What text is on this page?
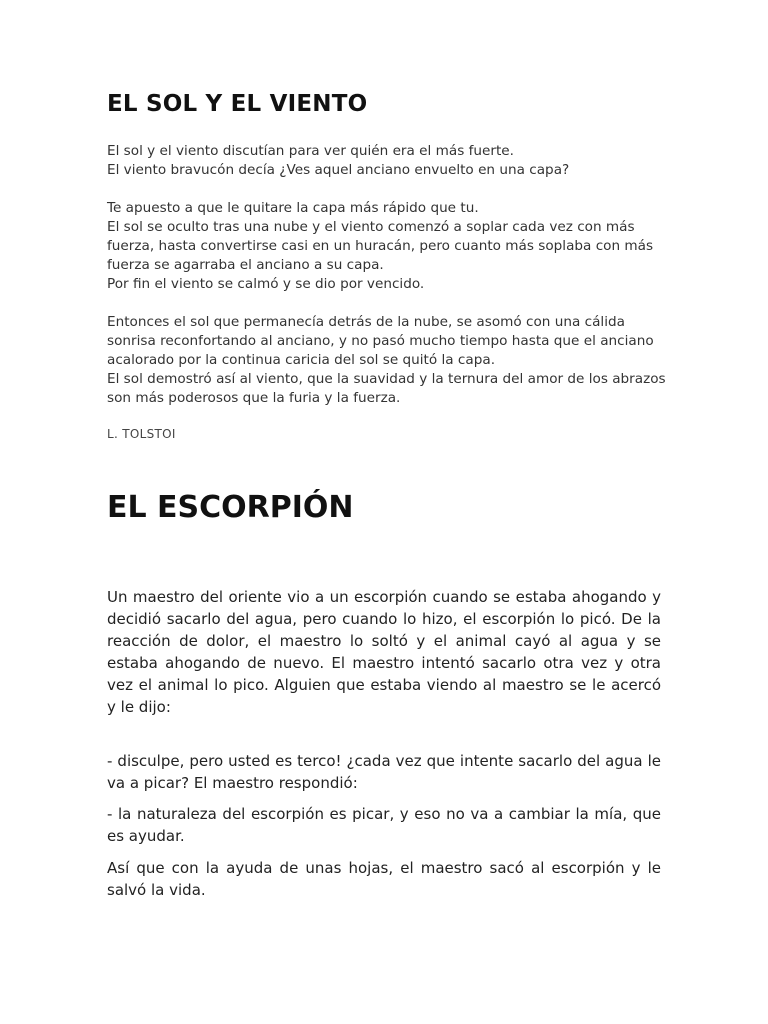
EL SOL Y EL VIENTO

El sol y el viento discutían para ver quién era el más fuerte.

El viento bravucón decía ¿Ves aquel anciano envuelto en una capa?

Te apuesto a que le quitare la capa más rápido que tu.

El sol se oculto tras una nube y el viento comenzó a soplar cada vez con más fuerza, hasta convertirse casi en un huracán, pero cuanto más soplaba con más fuerza se agarraba el anciano a su capa.

Por fin el viento se calmó y se dio por vencido.

Entonces el sol que permanecía detrás de la nube, se asomó con una cálida sonrisa reconfortando al anciano, y no pasó mucho tiempo hasta que el anciano acalorado por la continua caricia del sol se quitó la capa.

El sol demostró así al viento, que la suavidad y la ternura del amor de los abrazos son más poderosos que la furia y la fuerza.

L. TOLSTOI
EL ESCORPIÓN

Un maestro del oriente vio a un escorpión cuando se estaba ahogando y decidió sacarlo del agua, pero cuando lo hizo, el escorpión lo picó. De la reacción de dolor, el maestro lo soltó y el animal cayó al agua y se estaba ahogando de nuevo. El maestro intentó sacarlo otra vez y otra vez el animal lo pico. Alguien que estaba viendo al maestro se le acercó y le dijo:

- disculpe, pero usted es terco! ¿cada vez que intente sacarlo del agua le va a picar? El maestro respondió:

- la naturaleza del escorpión es picar, y eso no va a cambiar la mía, que es ayudar.

Así que con la ayuda de unas hojas, el maestro sacó al escorpión y le salvó la vida.
